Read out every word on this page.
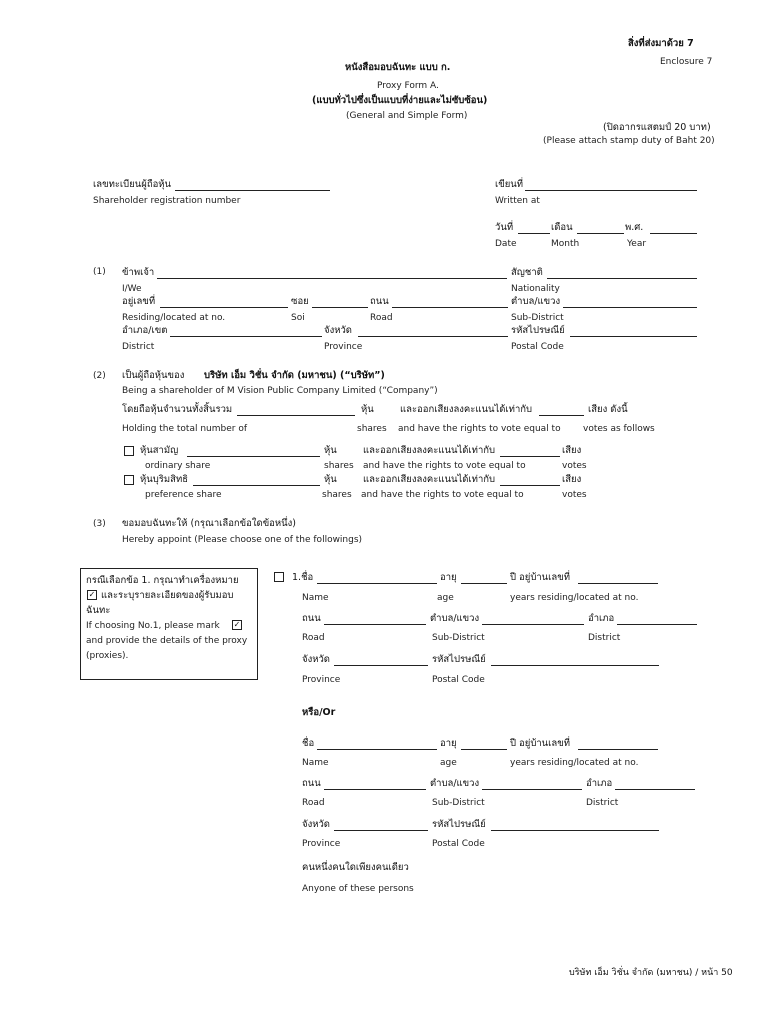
สิ่งที่ส่งมาด้วย 7
Enclosure 7
หนังสือมอบฉันทะ แบบ ก.
Proxy Form A.
(แบบทั่วไปซึ่งเป็นแบบที่ง่ายและไม่ซับซ้อน)
(General and Simple Form)
(ปิดอากรแสตมป์ 20 บาท)
(Please attach stamp duty of Baht 20)
เลขทะเบียนผู้ถือหุ้น
Shareholder registration number
เขียนที่
Written at
วันที่	เดือน	พ.ศ.
Date	Month	Year
(1) ข้าพเจ้า	สัญชาติ
I/We	Nationality
อยู่เลขที่	ซอย	ถนน	ตำบล/แขวง
Residing/located at no.	Soi	Road	Sub-District
อำเภอ/เขต	จังหวัด	รหัสไปรษณีย์
District	Province	Postal Code
(2) เป็นผู้ถือหุ้นของ บริษัท เอ็ม วิชั่น จำกัด (มหาชน) (“บริษัท”)
Being a shareholder of M Vision Public Company Limited (“Company”)
โดยถือหุ้นจำนวนทั้งสิ้นรวม	หุ้น	และออกเสียงลงคะแนนได้เท่ากับ	เสียง ดังนี้
Holding the total number of	shares and have the rights to vote equal to votes as follows
หุ้นสามัญ	หุ้น	และออกเสียงลงคะแนนได้เท่ากับ	เสียง
ordinary share	shares and have the rights to vote equal to	votes
หุ้นบุริมสิทธิ	หุ้น	และออกเสียงลงคะแนนได้เท่ากับ	เสียง
preference share	shares and have the rights to vote equal to	votes
(3) ขอมอบฉันทะให้ (กรุณาเลือกข้อใดข้อหนึ่ง)
Hereby appoint (Please choose one of the followings)
กรณีเลือกข้อ 1. กรุณาทำเครื่องหมาย
✓ และระบุรายละเอียดของผู้รับมอบ
ฉันทะ
If choosing No.1, please mark ✓
and provide the details of the proxy
(proxies).
1.ชื่อ	อายุ	ปี อยู่บ้านเลขที่
Name	age	years residing/located at no.
ถนน	ตำบล/แขวง	อำเภอ
Road	Sub-District	District
จังหวัด	รหัสไปรษณีย์
Province	Postal Code
หรือ/Or
ชื่อ	อายุ	ปี อยู่บ้านเลขที่
Name	age	years residing/located at no.
ถนน	ตำบล/แขวง	อำเภอ
Road	Sub-District	District
จังหวัด	รหัสไปรษณีย์
Province	Postal Code
คนหนึ่งคนใดเพียงคนเดียว
Anyone of these persons
บริษัท เอ็ม วิชั่น จำกัด (มหาชน) / หน้า 50
